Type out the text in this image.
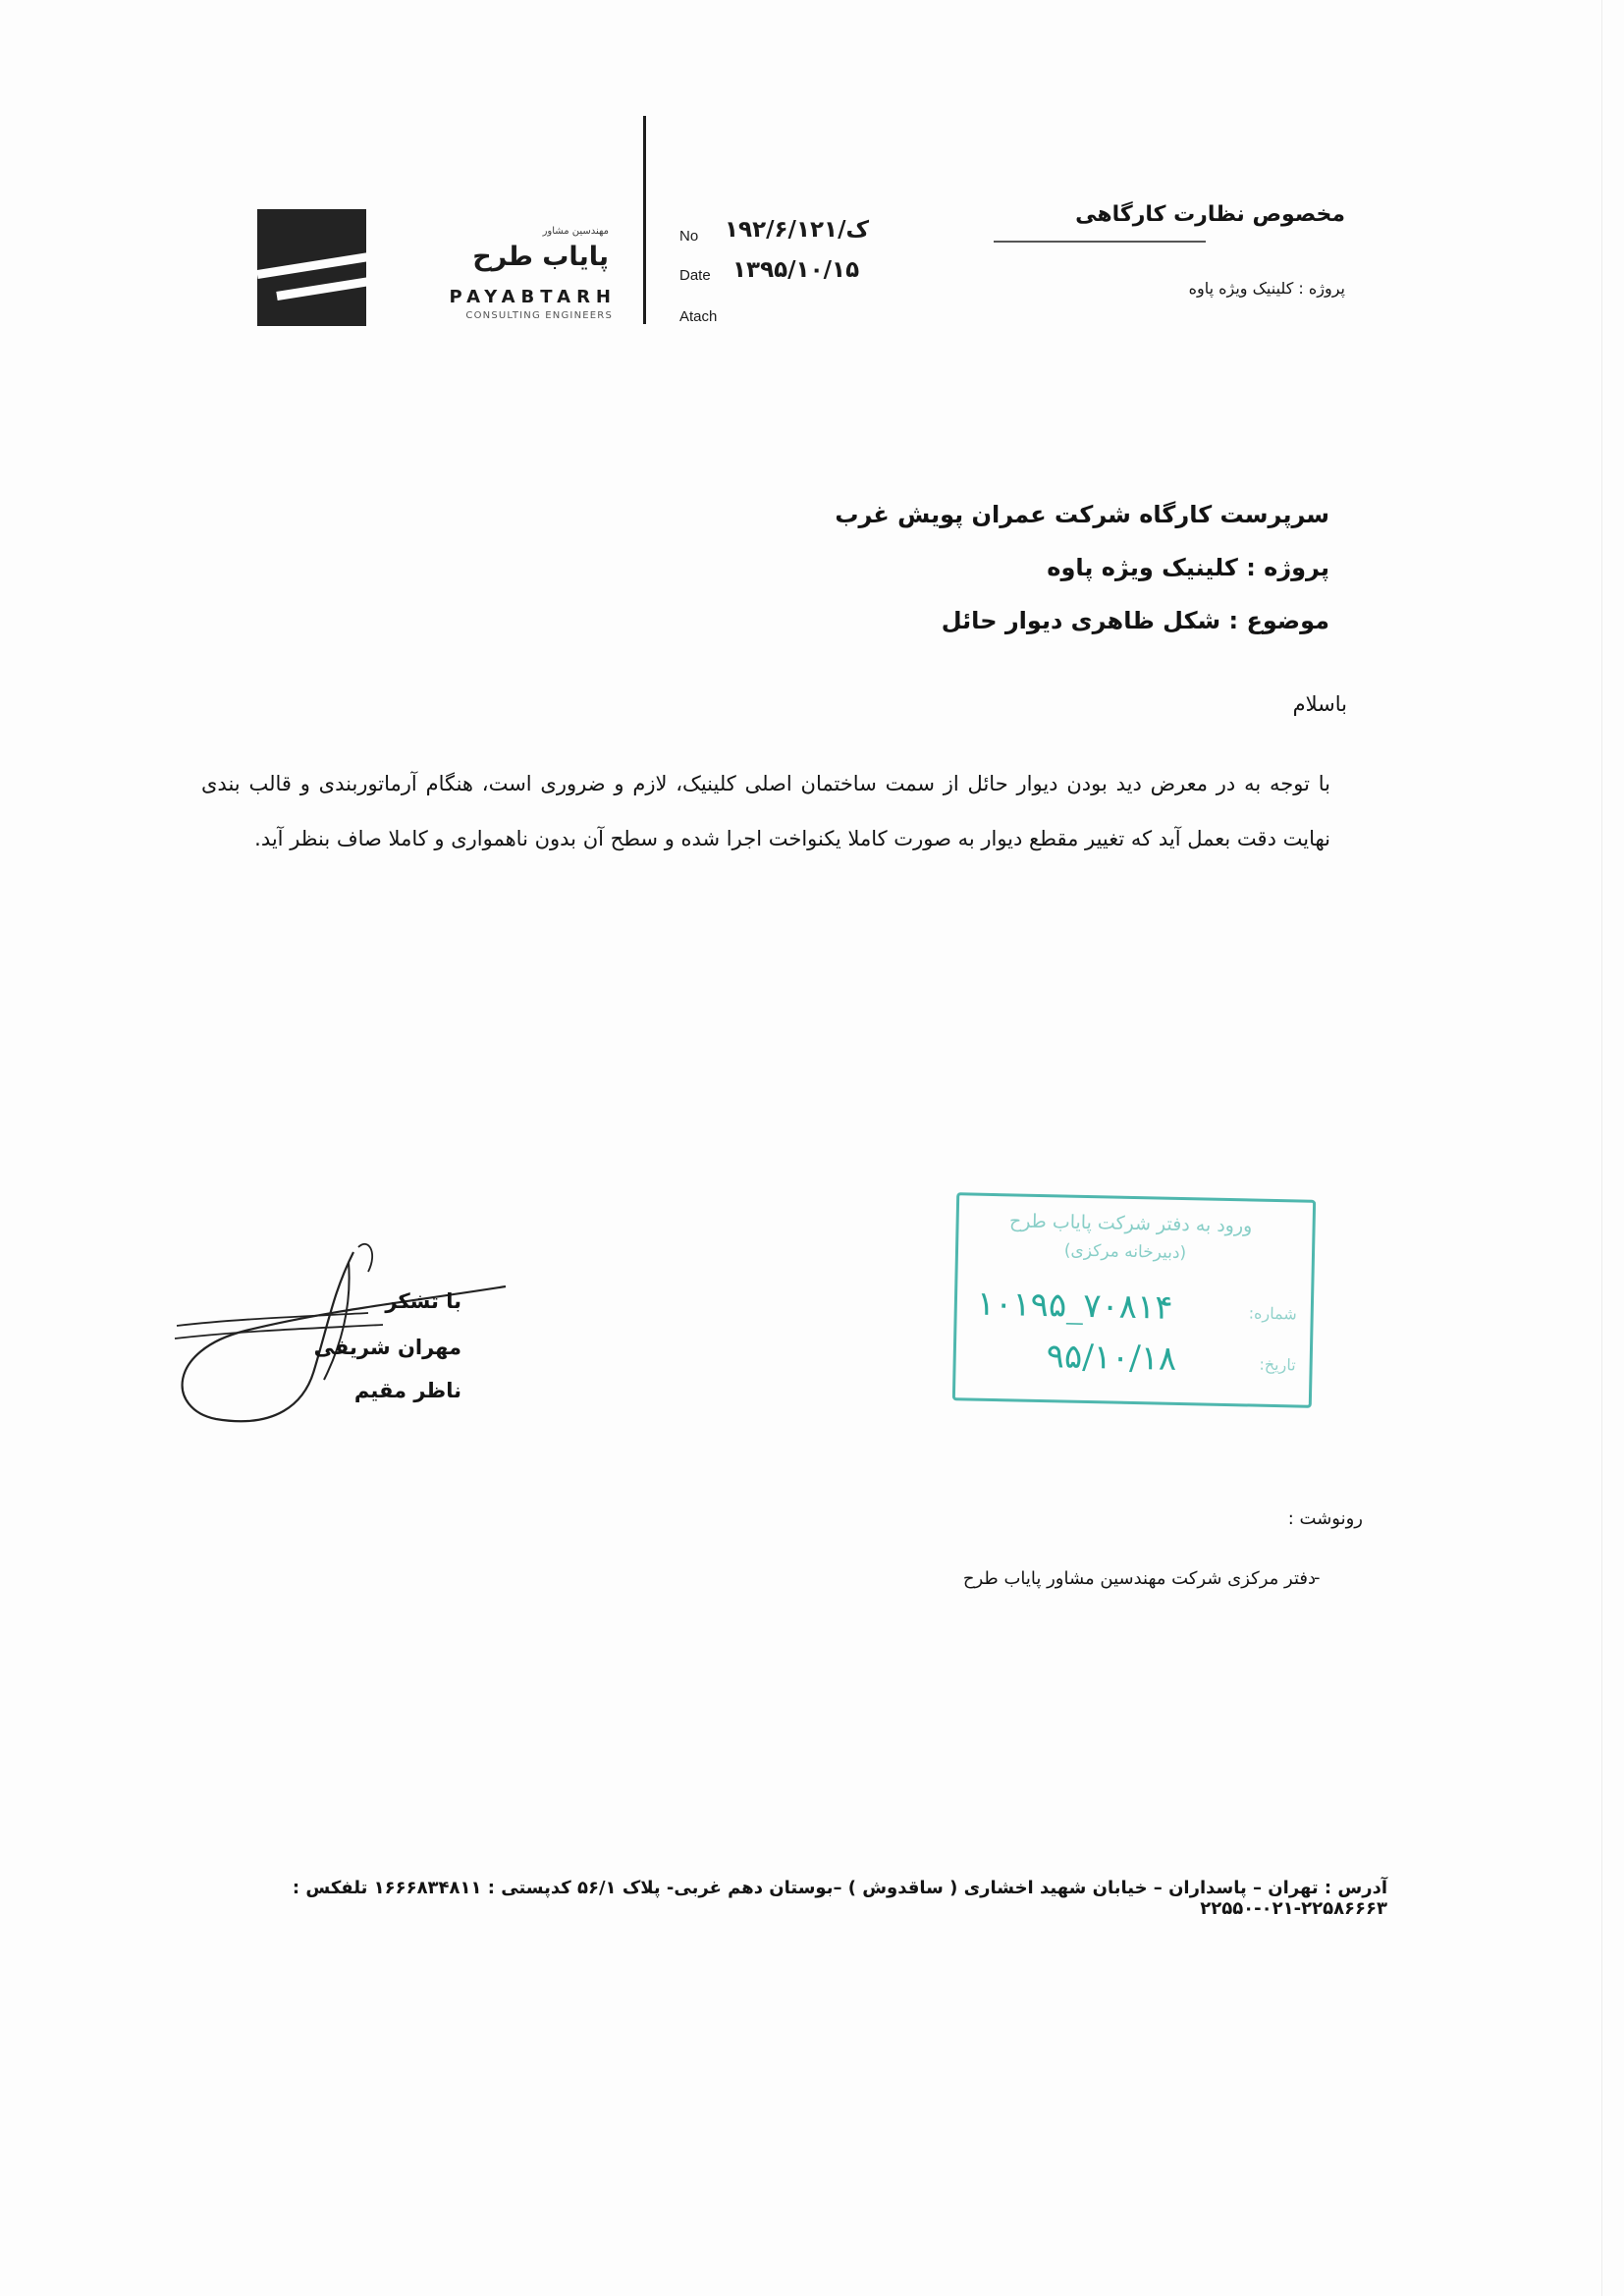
مهندسین مشاور
پایاب طرح
PAYABTARH
CONSULTING ENGINEERS
No ۱۹۲/۶/ک/۱۲۱
Date ۱۳۹۵/۱۰/۱۵
Atach
مخصوص نظارت کارگاهی
پروژه : کلینیک ویژه پاوه
سرپرست کارگاه شرکت عمران پویش غرب
پروژه : کلینیک ویژه پاوه
موضوع : شکل ظاهری دیوار حائل
باسلام
با توجه به در معرض دید بودن دیوار حائل از سمت ساختمان اصلی کلینیک، لازم و ضروری است، هنگام آرماتوربندی و قالب بندی نهایت دقت بعمل آید که تغییر مقطع دیوار به صورت کاملا یکنواخت اجرا شده و سطح آن بدون ناهمواری و کاملا صاف بنظر آید.
با تشکر
مهران شریفی
ناظر مقیم
ورود به دفتر شرکت پایاب طرح
(دبیرخانه مرکزی)
شماره:
۱۰۱۹۵_۷۰۸۱۴
تاریخ:
۹۵/۱۰/۱۸
رونوشت :
-
دفتر مرکزی شرکت مهندسین مشاور پایاب طرح
آدرس : تهران – پاسداران – خیابان شهید اخشاری ( ساقدوش ) –بوستان دهم غربی- پلاک ۵۶/۱ کدپستی : ۱۶۶۶۸۳۴۸۱۱ تلفکس : ۲۲۵۸۶۶۶۳-۰۲۱-۲۲۵۵۰
